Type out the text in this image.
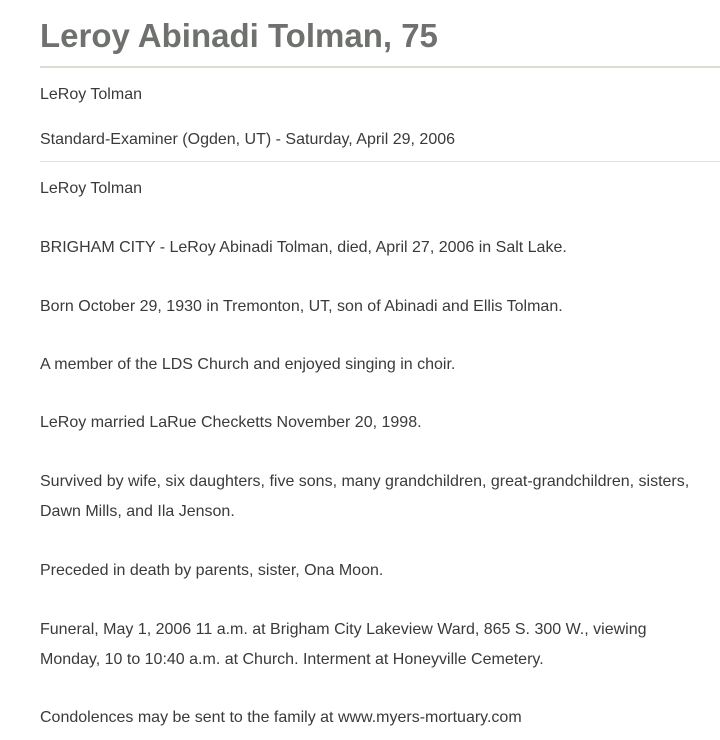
Leroy Abinadi Tolman, 75

LeRoy Tolman

Standard-Examiner (Ogden, UT) - Saturday, April 29, 2006

LeRoy Tolman

BRIGHAM CITY - LeRoy Abinadi Tolman, died, April 27, 2006 in Salt Lake.

Born October 29, 1930 in Tremonton, UT, son of Abinadi and Ellis Tolman.

A member of the LDS Church and enjoyed singing in choir.

LeRoy married LaRue Checketts November 20, 1998.

Survived by wife, six daughters, five sons, many grandchildren, great-grandchildren, sisters, Dawn Mills, and Ila Jenson.

Preceded in death by parents, sister, Ona Moon.

Funeral, May 1, 2006 11 a.m. at Brigham City Lakeview Ward, 865 S. 300 W., viewing Monday, 10 to 10:40 a.m. at Church. Interment at Honeyville Cemetery.

Condolences may be sent to the family at www.myers-mortuary.com
